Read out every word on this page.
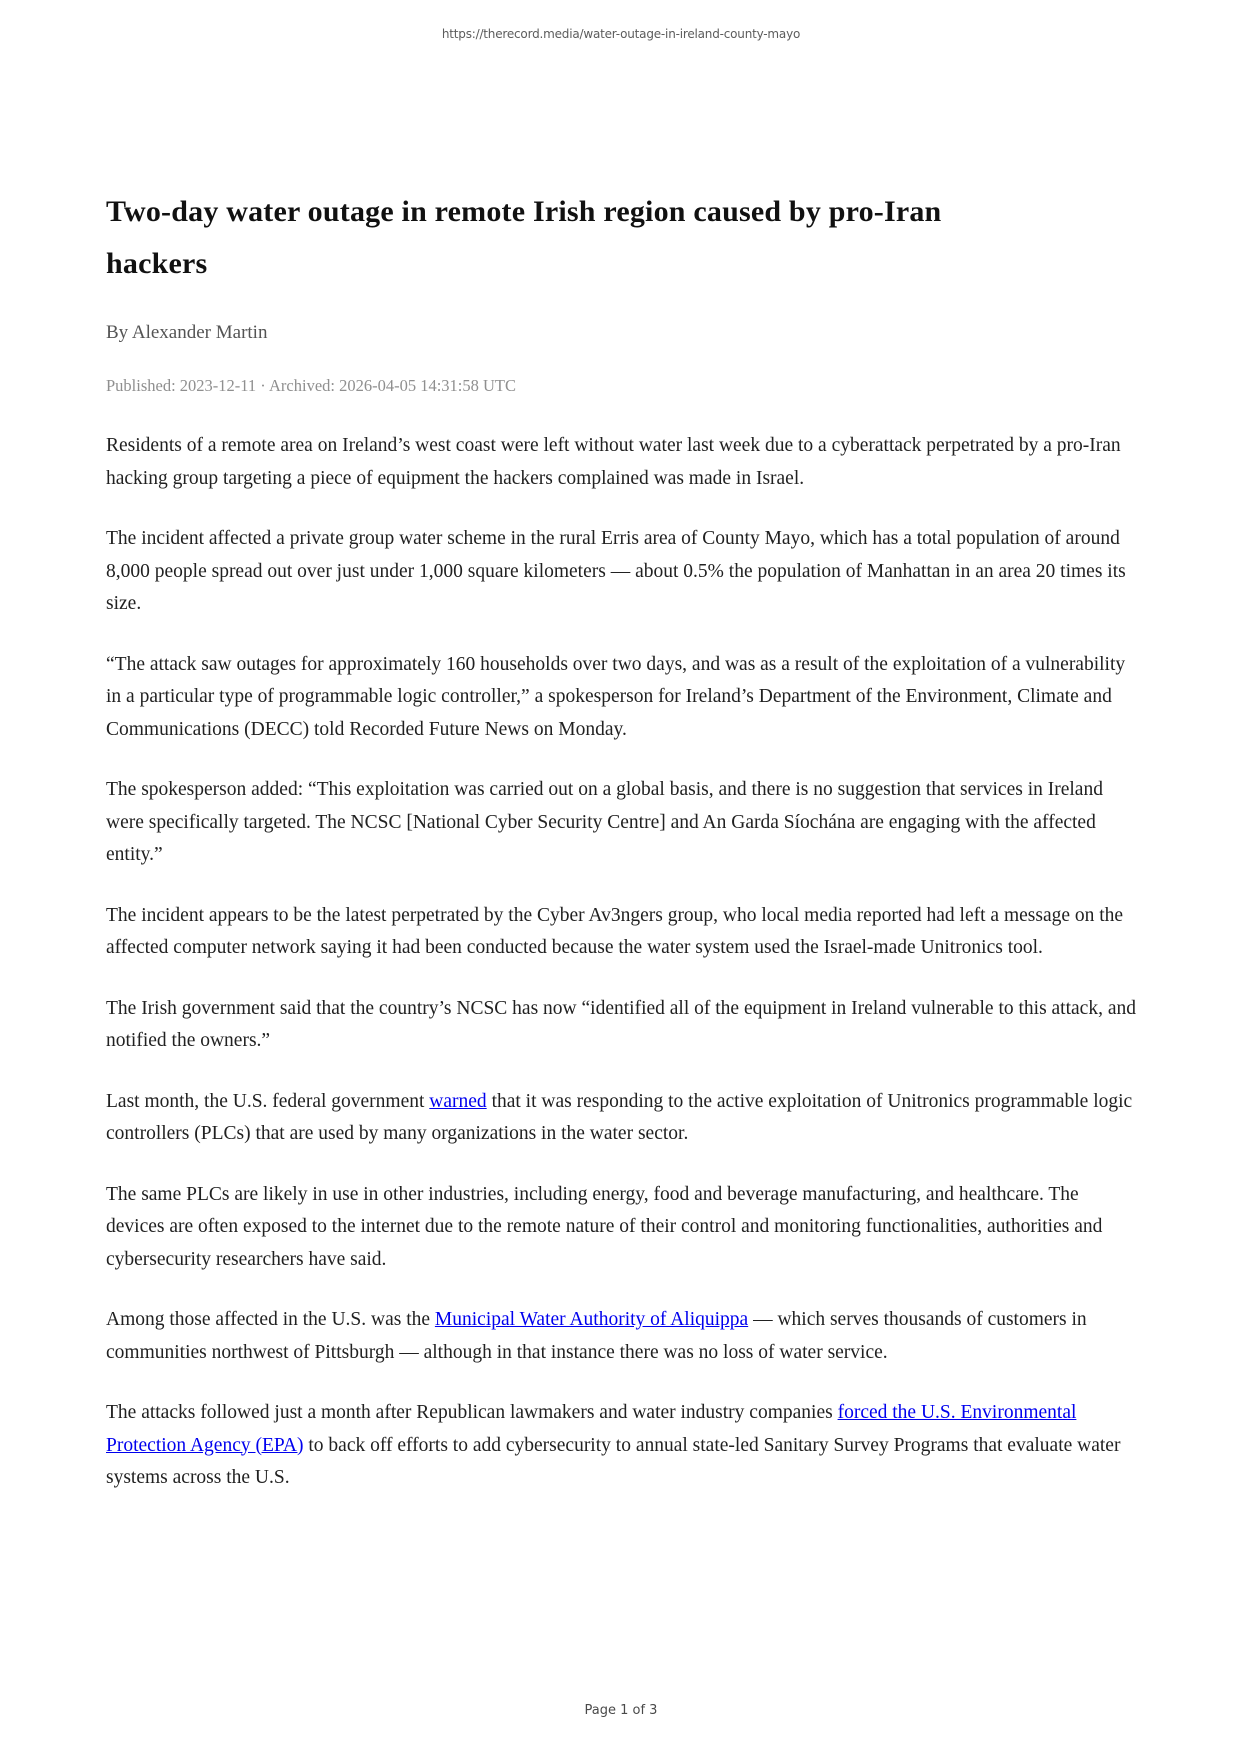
https://therecord.media/water-outage-in-ireland-county-mayo
Two-day water outage in remote Irish region caused by pro-Iran hackers

By Alexander Martin

Published: 2023-12-11 · Archived: 2026-04-05 14:31:58 UTC

Residents of a remote area on Ireland’s west coast were left without water last week due to a cyberattack perpetrated by a pro-Iran hacking group targeting a piece of equipment the hackers complained was made in Israel.

The incident affected a private group water scheme in the rural Erris area of County Mayo, which has a total population of around 8,000 people spread out over just under 1,000 square kilometers — about 0.5% the population of Manhattan in an area 20 times its size.

“The attack saw outages for approximately 160 households over two days, and was as a result of the exploitation of a vulnerability in a particular type of programmable logic controller,” a spokesperson for Ireland’s Department of the Environment, Climate and Communications (DECC) told Recorded Future News on Monday.

The spokesperson added: “This exploitation was carried out on a global basis, and there is no suggestion that services in Ireland were specifically targeted. The NCSC [National Cyber Security Centre] and An Garda Síochána are engaging with the affected entity.”

The incident appears to be the latest perpetrated by the Cyber Av3ngers group, who local media reported had left a message on the affected computer network saying it had been conducted because the water system used the Israel-made Unitronics tool.

The Irish government said that the country’s NCSC has now “identified all of the equipment in Ireland vulnerable to this attack, and notified the owners.”

Last month, the U.S. federal government warned that it was responding to the active exploitation of Unitronics programmable logic controllers (PLCs) that are used by many organizations in the water sector.

The same PLCs are likely in use in other industries, including energy, food and beverage manufacturing, and healthcare. The devices are often exposed to the internet due to the remote nature of their control and monitoring functionalities, authorities and cybersecurity researchers have said.

Among those affected in the U.S. was the Municipal Water Authority of Aliquippa — which serves thousands of customers in communities northwest of Pittsburgh — although in that instance there was no loss of water service.

The attacks followed just a month after Republican lawmakers and water industry companies forced the U.S. Environmental Protection Agency (EPA) to back off efforts to add cybersecurity to annual state-led Sanitary Survey Programs that evaluate water systems across the U.S.

Page 1 of 3
